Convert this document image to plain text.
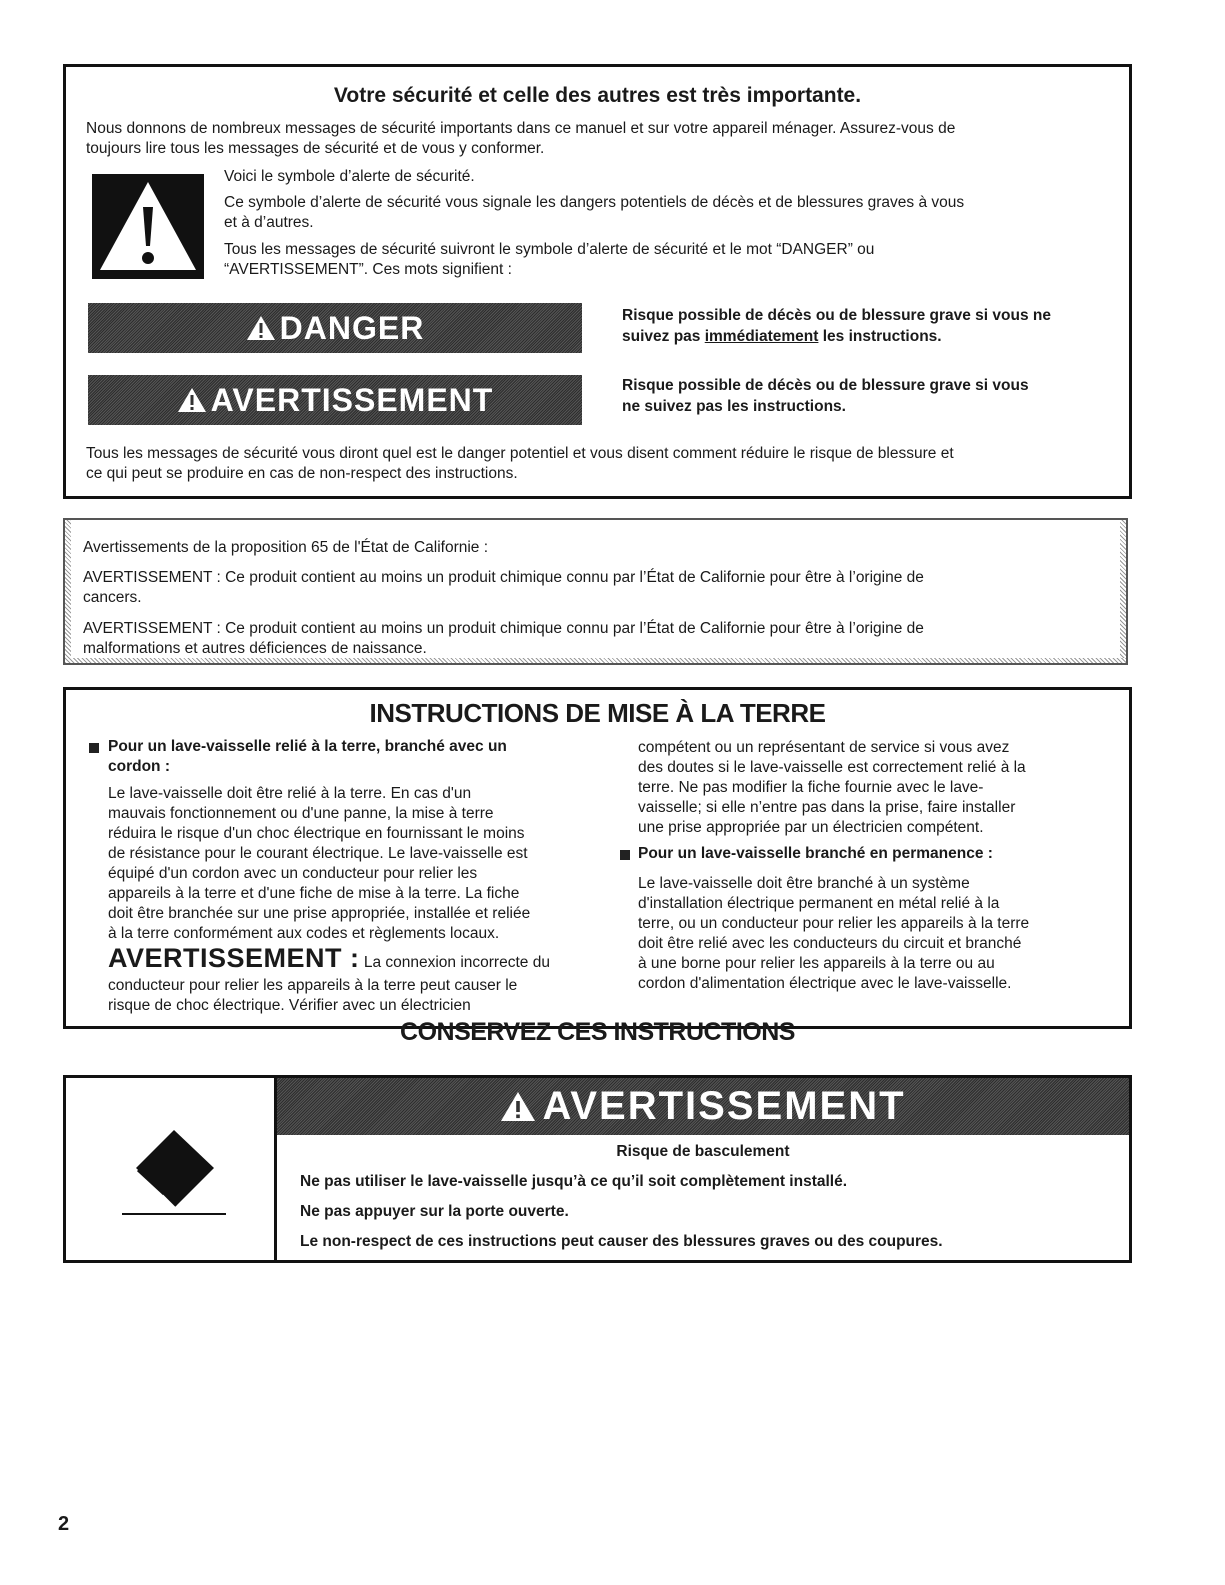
Votre sécurité et celle des autres est très importante.
Nous donnons de nombreux messages de sécurité importants dans ce manuel et sur votre appareil ménager. Assurez-vous de
toujours lire tous les messages de sécurité et de vous y conformer.
Voici le symbole d’alerte de sécurité.
Ce symbole d’alerte de sécurité vous signale les dangers potentiels de décès et de blessures graves à vous
et à d’autres.
Tous les messages de sécurité suivront le symbole d’alerte de sécurité et le mot “DANGER” ou
“AVERTISSEMENT”. Ces mots signifient :
DANGER	Risque possible de décès ou de blessure grave si vous ne
suivez pas immédiatement les instructions.
AVERTISSEMENT	Risque possible de décès ou de blessure grave si vous
ne suivez pas les instructions.
Tous les messages de sécurité vous diront quel est le danger potentiel et vous disent comment réduire le risque de blessure et
ce qui peut se produire en cas de non-respect des instructions.
Avertissements de la proposition 65 de l'État de Californie :
AVERTISSEMENT : Ce produit contient au moins un produit chimique connu par l’État de Californie pour être à l’origine de
cancers.
AVERTISSEMENT : Ce produit contient au moins un produit chimique connu par l’État de Californie pour être à l’origine de
malformations et autres déficiences de naissance.
INSTRUCTIONS DE MISE À LA TERRE
Pour un lave-vaisselle relié à la terre, branché avec un
cordon :
Le lave-vaisselle doit être relié à la terre. En cas d'un
mauvais fonctionnement ou d'une panne, la mise à terre
réduira le risque d'un choc électrique en fournissant le moins
de résistance pour le courant électrique. Le lave-vaisselle est
équipé d'un cordon avec un conducteur pour relier les
appareils à la terre et d'une fiche de mise à la terre. La fiche
doit être branchée sur une prise appropriée, installée et reliée
à la terre conformément aux codes et règlements locaux.
AVERTISSEMENT : La connexion incorrecte du
conducteur pour relier les appareils à la terre peut causer le
risque de choc électrique. Vérifier avec un électricien
compétent ou un représentant de service si vous avez
des doutes si le lave-vaisselle est correctement relié à la
terre. Ne pas modifier la fiche fournie avec le lave-
vaisselle; si elle n’entre pas dans la prise, faire installer
une prise appropriée par un électricien compétent.
Pour un lave-vaisselle branché en permanence :
Le lave-vaisselle doit être branché à un système
d'installation électrique permanent en métal relié à la
terre, ou un conducteur pour relier les appareils à la terre
doit être relié avec les conducteurs du circuit et branché
à une borne pour relier les appareils à la terre ou au
cordon d'alimentation électrique avec le lave-vaisselle.
CONSERVEZ CES INSTRUCTIONS
AVERTISSEMENT
Risque de basculement
Ne pas utiliser le lave-vaisselle jusqu’à ce qu’il soit complètement installé.
Ne pas appuyer sur la porte ouverte.
Le non-respect de ces instructions peut causer des blessures graves ou des coupures.
2
